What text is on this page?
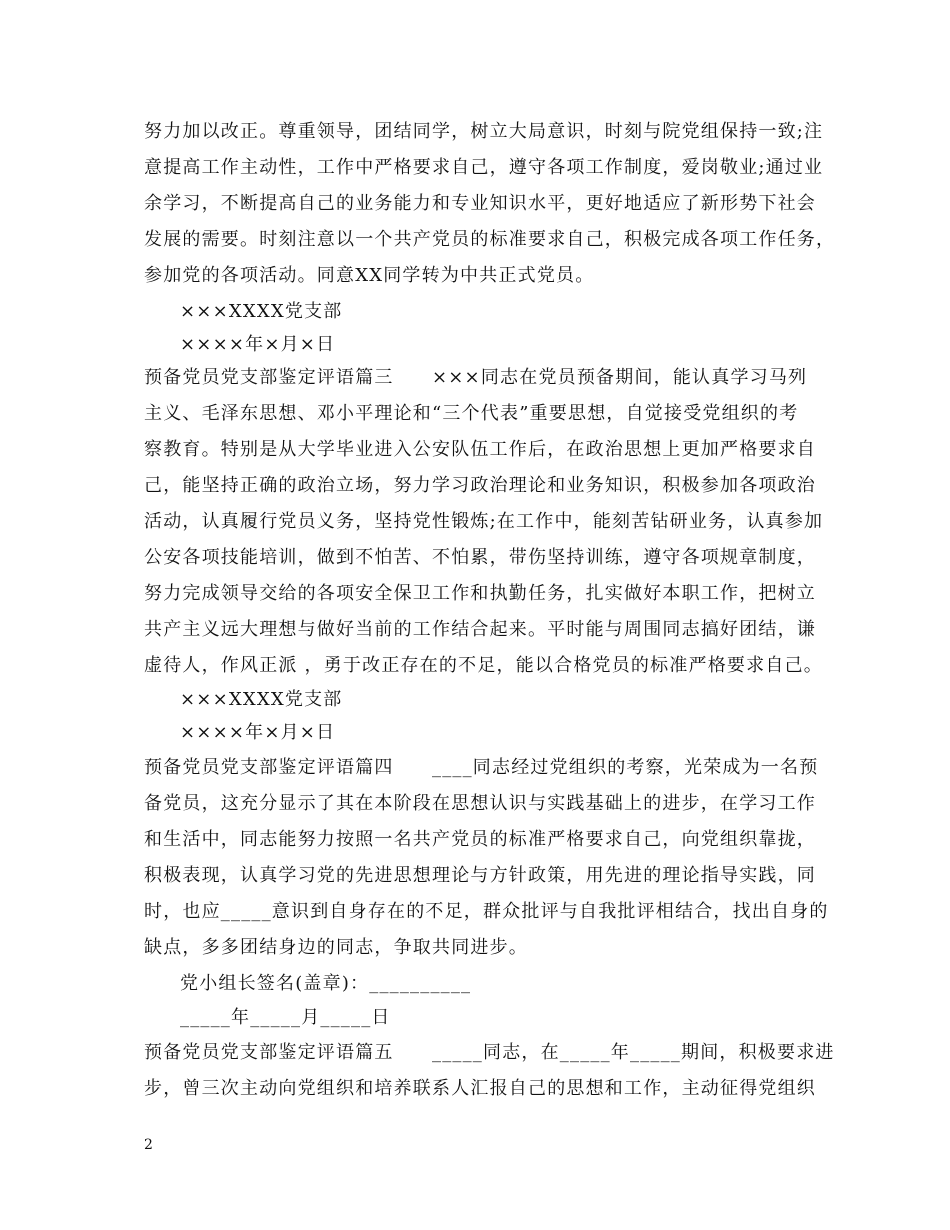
努力加以改正。尊重领导，团结同学，树立大局意识，时刻与院党组保持一致;注
意提高工作主动性，工作中严格要求自己，遵守各项工作制度，爱岗敬业;通过业
余学习，不断提高自己的业务能力和专业知识水平，更好地适应了新形势下社会
发展的需要。时刻注意以一个共产党员的标准要求自己，积极完成各项工作任务，
参加党的各项活动。同意XX同学转为中共正式党员。
×××XXXX党支部
××××年×月×日
预备党员党支部鉴定评语篇三　　×××同志在党员预备期间，能认真学习马列
主义、毛泽东思想、邓小平理论和“三个代表”重要思想，自觉接受党组织的考
察教育。特别是从大学毕业进入公安队伍工作后，在政治思想上更加严格要求自
己，能坚持正确的政治立场，努力学习政治理论和业务知识，积极参加各项政治
活动，认真履行党员义务，坚持党性锻炼;在工作中，能刻苦钻研业务，认真参加
公安各项技能培训，做到不怕苦、不怕累，带伤坚持训练，遵守各项规章制度，
努力完成领导交给的各项安全保卫工作和执勤任务，扎实做好本职工作，把树立
共产主义远大理想与做好当前的工作结合起来。平时能与周围同志搞好团结，谦
虚待人，作风正派 ，勇于改正存在的不足，能以合格党员的标准严格要求自己。
×××XXXX党支部
××××年×月×日
预备党员党支部鉴定评语篇四　　____同志经过党组织的考察，光荣成为一名预
备党员，这充分显示了其在本阶段在思想认识与实践基础上的进步，在学习工作
和生活中，同志能努力按照一名共产党员的标准严格要求自己，向党组织靠拢，
积极表现，认真学习党的先进思想理论与方针政策，用先进的理论指导实践，同
时，也应_____意识到自身存在的不足，群众批评与自我批评相结合，找出自身的
缺点，多多团结身边的同志，争取共同进步。
党小组长签名(盖章)：__________
_____年_____月_____日
预备党员党支部鉴定评语篇五　　_____同志，在_____年_____期间，积极要求进
步，曾三次主动向党组织和培养联系人汇报自己的思想和工作，主动征得党组织
2
